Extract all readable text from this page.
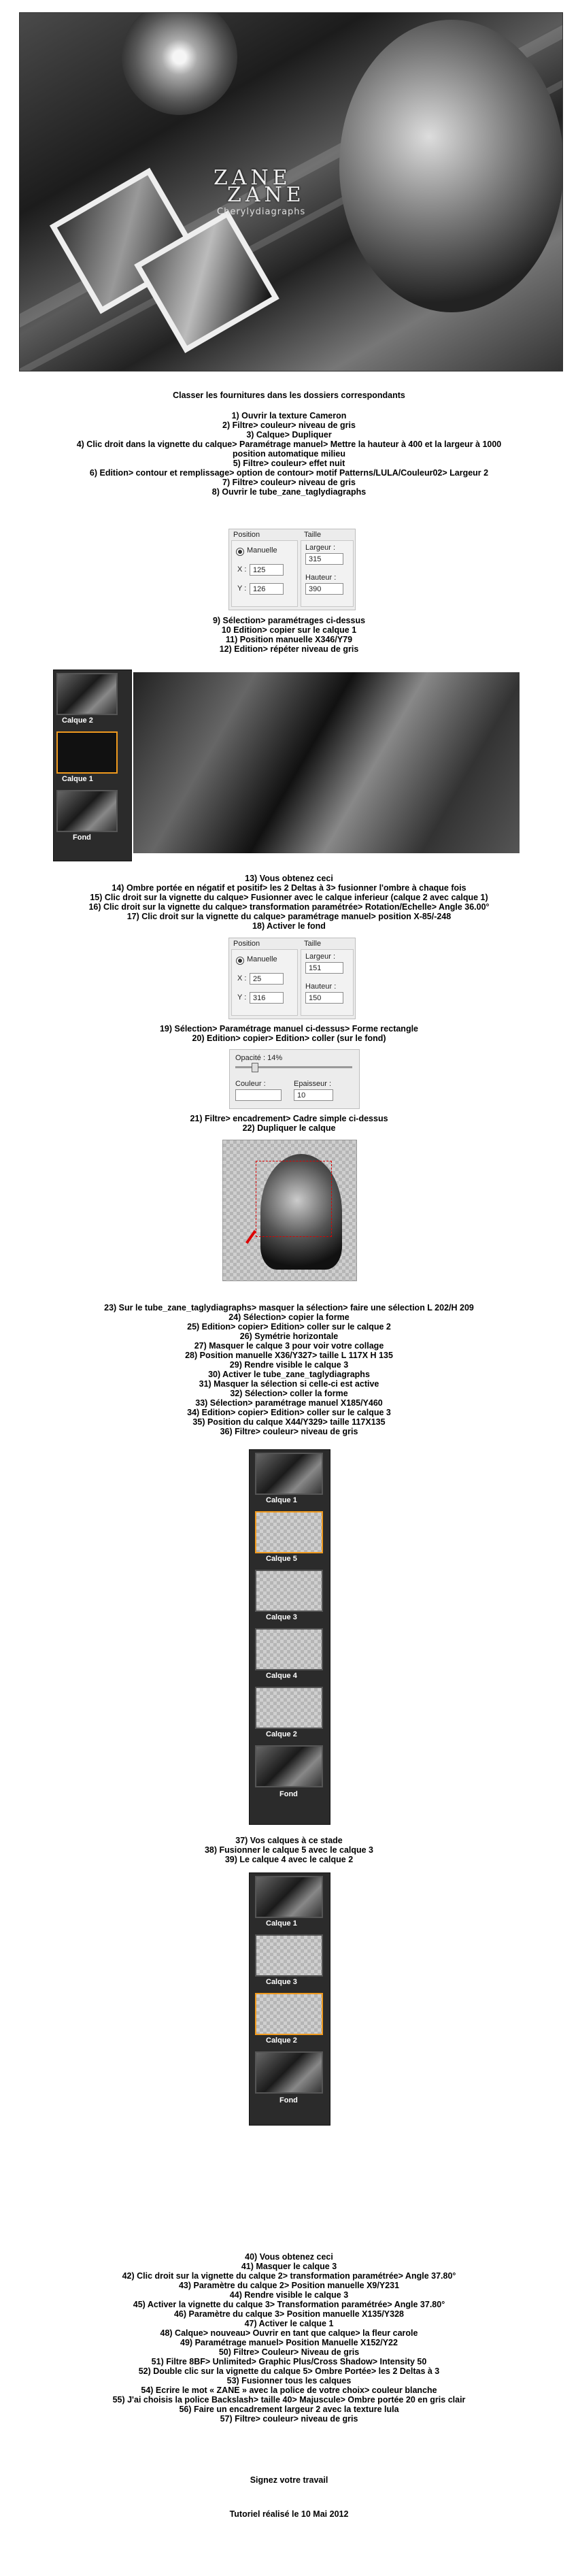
ZANE
ZANE
Cherylydiagraphs
Classer les fournitures dans les dossiers correspondants
1) Ouvrir la texture Cameron
2) Filtre> couleur> niveau de gris
3) Calque> Dupliquer
4) Clic droit dans la vignette du calque> Paramétrage manuel> Mettre la hauteur à 400 et la largeur à 1000
position automatique milieu
5) Filtre> couleur> effet nuit
6) Edition> contour et remplissage> option de contour> motif Patterns/LULA/Couleur02> Largeur 2
7) Filtre> couleur> niveau de gris
8) Ouvrir le tube_zane_taglydiagraphs
Position	Taille
Manuelle
X : 125
Y : 126
Largeur :
315
Hauteur :
390
9) Sélection> paramétrages ci-dessus
10 Edition> copier sur le calque 1
11) Position manuelle X346/Y79
12) Edition> répéter niveau de gris
Calque 2
Calque 1
Fond
13) Vous obtenez ceci
14) Ombre portée en négatif et positif> les 2 Deltas à 3> fusionner l'ombre à chaque fois
15) Clic droit sur la vignette du calque> Fusionner avec le calque inferieur (calque 2 avec calque 1)
16) Clic droit sur la vignette du calque> transformation paramétrée> Rotation/Echelle> Angle 36.00°
17) Clic droit sur la vignette du calque> paramétrage manuel> position X-85/-248
18) Activer le fond
Position	Taille
Manuelle
X : 25
Y : 316
Largeur :
151
Hauteur :
150
19) Sélection> Paramétrage manuel ci-dessus> Forme rectangle
20) Edition> copier> Edition> coller (sur le fond)
Opacité : 14%
Couleur :	Epaisseur :
10
21) Filtre> encadrement> Cadre simple ci-dessus
22) Dupliquer le calque
23) Sur le tube_zane_taglydiagraphs> masquer la sélection> faire une sélection L 202/H 209
24) Sélection> copier la forme
25) Edition> copier> Edition> coller sur le calque 2
26) Symétrie horizontale
27) Masquer le calque 3 pour voir votre collage
28) Position manuelle X36/Y327> taille L 117X H 135
29) Rendre visible le calque 3
30) Activer le tube_zane_taglydiagraphs
31) Masquer la sélection si celle-ci est active
32) Sélection> coller la forme
33) Sélection> paramétrage manuel X185/Y460
34) Edition> copier> Edition> coller sur le calque 3
35) Position du calque X44/Y329> taille 117X135
36) Filtre> couleur> niveau de gris
Calque 1
Calque 5
Calque 3
Calque 4
Calque 2
Fond
37) Vos calques à ce stade
38) Fusionner le calque 5 avec le calque 3
39) Le calque 4 avec le calque 2
Calque 1
Calque 3
Calque 2
Fond
40) Vous obtenez ceci
41) Masquer le calque 3
42) Clic droit sur la vignette du calque 2> transformation paramétrée> Angle 37.80°
43) Paramètre du calque 2> Position manuelle X9/Y231
44) Rendre visible le calque 3
45) Activer la vignette du calque 3> Transformation paramétrée> Angle 37.80°
46) Paramètre du calque 3> Position manuelle X135/Y328
47) Activer le calque 1
48) Calque> nouveau> Ouvrir en tant que calque> la fleur carole
49) Paramétrage manuel> Position Manuelle X152/Y22
50) Filtre> Couleur> Niveau de gris
51) Filtre 8BF> Unlimited> Graphic Plus/Cross Shadow> Intensity 50
52) Double clic sur la vignette du calque 5> Ombre Portée> les 2 Deltas à 3
53) Fusionner tous les calques
54) Ecrire le mot « ZANE » avec la police de votre choix> couleur blanche
55) J'ai choisis la police Backslash> taille 40> Majuscule> Ombre portée 20 en gris clair
56) Faire un encadrement largeur 2 avec la texture lula
57) Filtre> couleur> niveau de gris
Signez votre travail
Tutoriel réalisé le 10 Mai 2012
